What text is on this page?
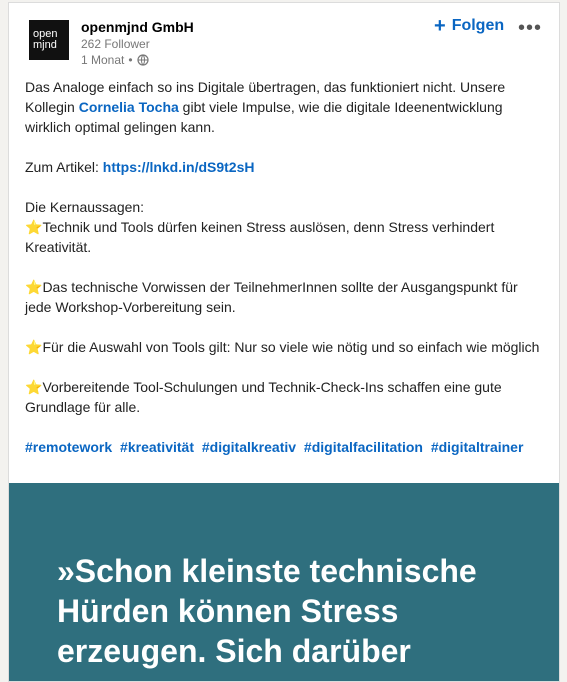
open
mjnd
openmjnd GmbH
262 Follower
1 Monat •
+ Folgen •••

Das Analoge einfach so ins Digitale übertragen, das funktioniert nicht. Unsere Kollegin Cornelia Tocha gibt viele Impulse, wie die digitale Ideenentwicklung wirklich optimal gelingen kann.

Zum Artikel: https://lnkd.in/dS9t2sH

Die Kernaussagen:

⭐Technik und Tools dürfen keinen Stress auslösen, denn Stress verhindert Kreativität.

⭐Das technische Vorwissen der TeilnehmerInnen sollte der Ausgangspunkt für jede Workshop-Vorbereitung sein.

⭐Für die Auswahl von Tools gilt: Nur so viele wie nötig und so einfach wie möglich

⭐Vorbereitende Tool-Schulungen und Technik-Check-Ins schaffen eine gute Grundlage für alle.

#remotework #kreativität #digitalkreativ #digitalfacilitation #digitaltrainer
»Schon kleinste technische Hürden können Stress erzeugen. Sich darüber
